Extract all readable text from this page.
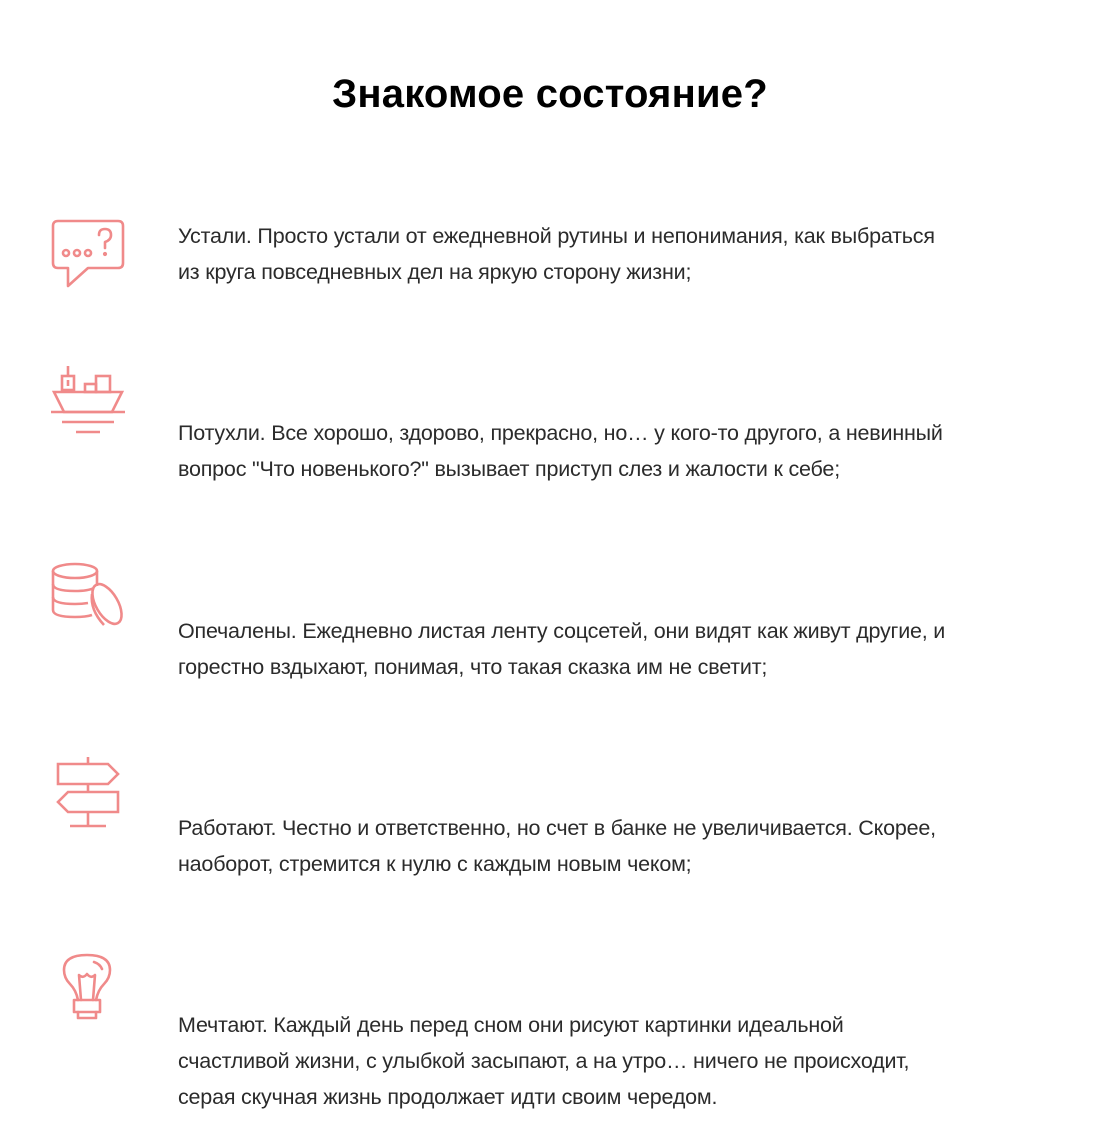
Знакомое состояние?
Устали. Просто устали от ежедневной рутины и непонимания, как выбраться
из круга повседневных дел на яркую сторону жизни;
Потухли. Все хорошо, здорово, прекрасно, но… у кого-то другого, а невинный
вопрос "Что новенького?" вызывает приступ слез и жалости к себе;
Опечалены. Ежедневно листая ленту соцсетей, они видят как живут другие, и
горестно вздыхают, понимая, что такая сказка им не светит;
Работают. Честно и ответственно, но счет в банке не увеличивается. Скорее,
наоборот, стремится к нулю с каждым новым чеком;
Мечтают. Каждый день перед сном они рисуют картинки идеальной
счастливой жизни, с улыбкой засыпают, а на утро… ничего не происходит,
серая скучная жизнь продолжает идти своим чередом.
